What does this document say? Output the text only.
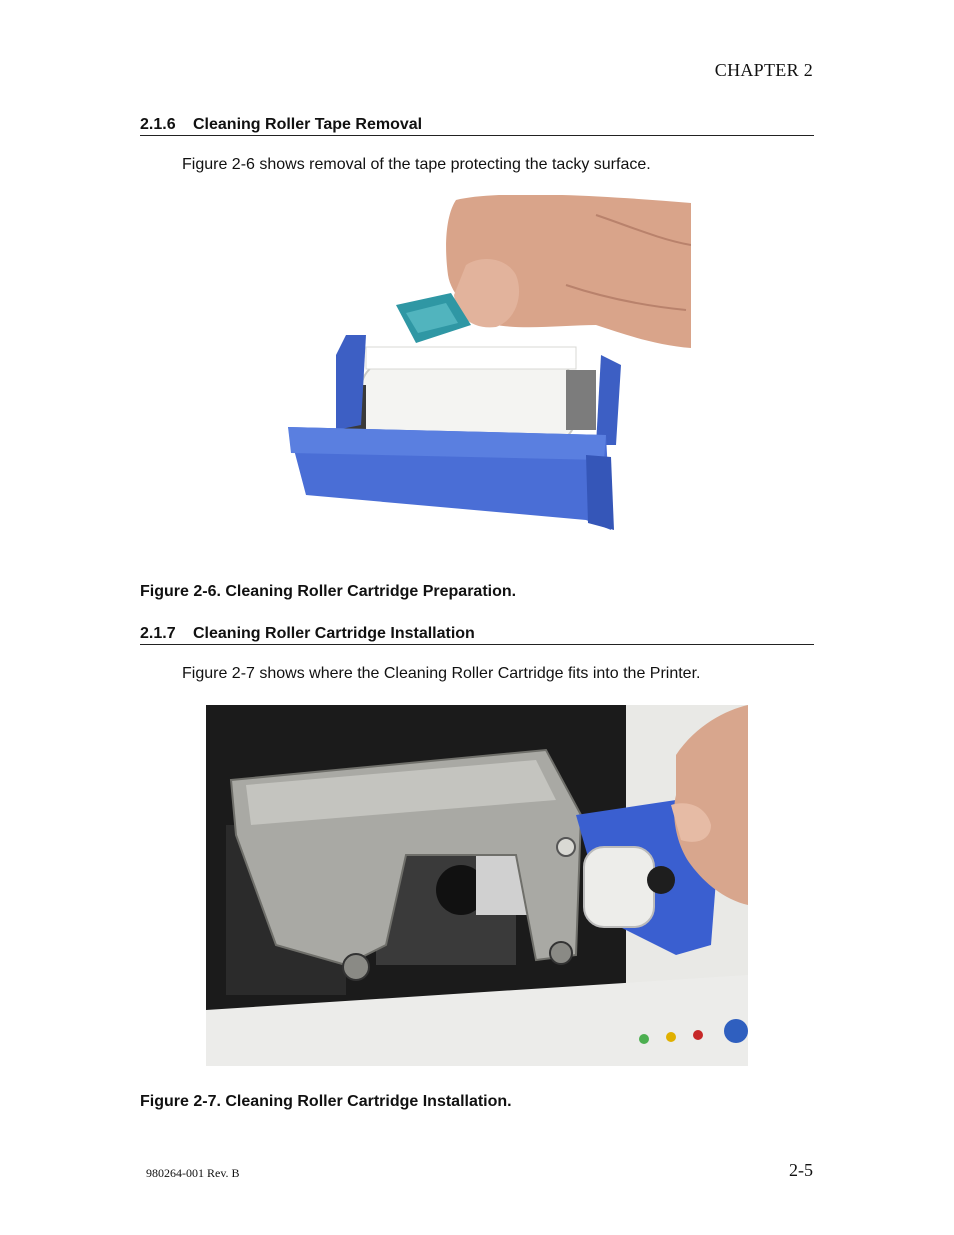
CHAPTER 2
2.1.6 Cleaning Roller Tape Removal
Figure 2-6 shows removal of the tape protecting the tacky surface.
Figure 2-6. Cleaning Roller Cartridge Preparation.
2.1.7 Cleaning Roller Cartridge Installation
Figure 2-7 shows where the Cleaning Roller Cartridge fits into the Printer.
Figure 2-7. Cleaning Roller Cartridge Installation.
980264-001 Rev. B	2-5
